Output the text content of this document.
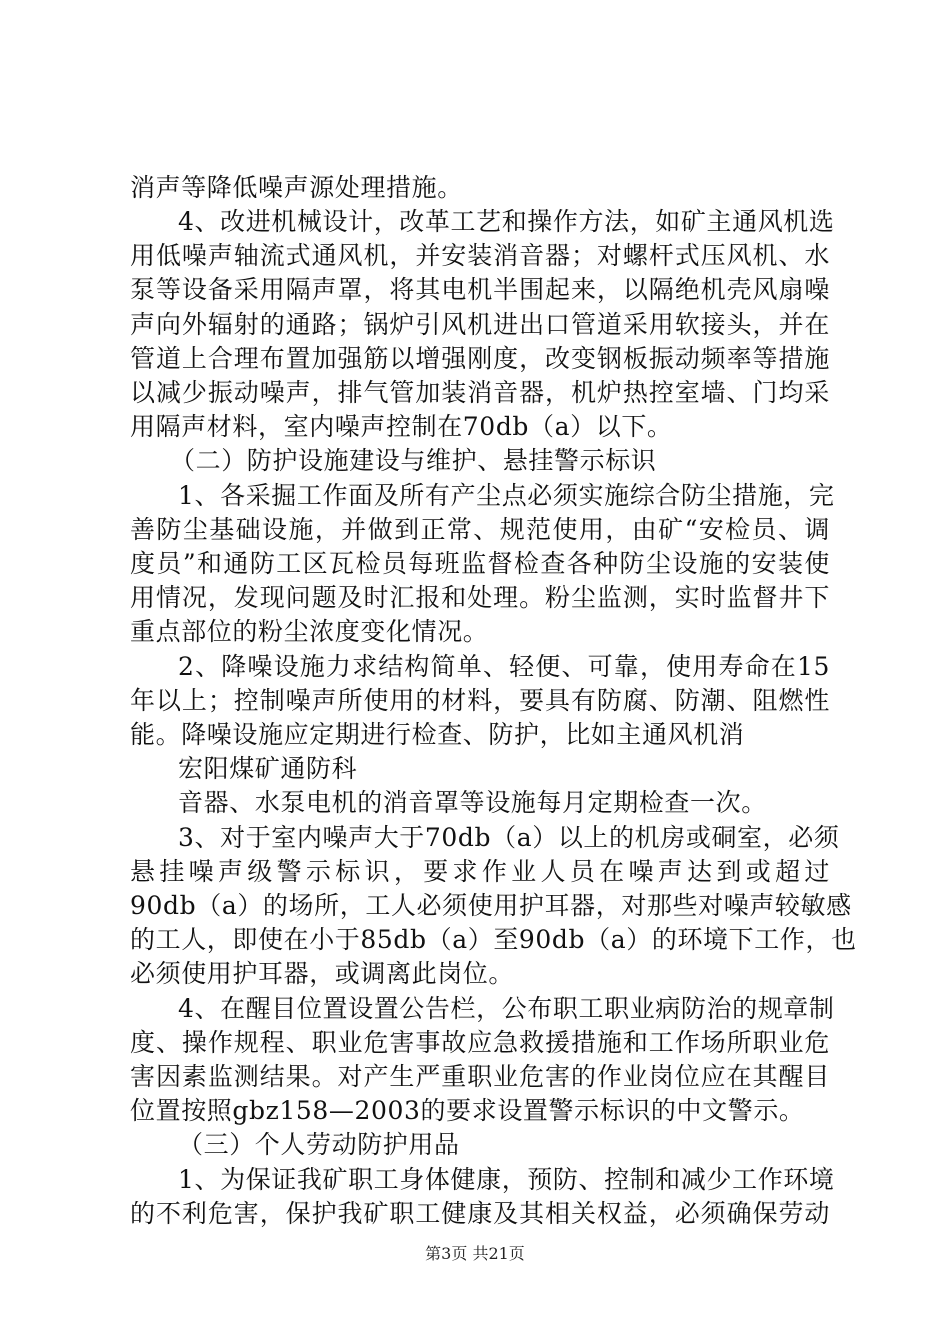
消声等降低噪声源处理措施。
4、改进机械设计，改革工艺和操作方法，如矿主通风机选
用低噪声轴流式通风机，并安装消音器；对螺杆式压风机、水
泵等设备采用隔声罩，将其电机半围起来，以隔绝机壳风扇噪
声向外辐射的通路；锅炉引风机进出口管道采用软接头，并在
管道上合理布置加强筋以增强刚度，改变钢板振动频率等措施
以减少振动噪声，排气管加装消音器，机炉热控室墙、门均采
用隔声材料，室内噪声控制在70db（a）以下。
（二）防护设施建设与维护、悬挂警示标识
1、各采掘工作面及所有产尘点必须实施综合防尘措施，完
善防尘基础设施，并做到正常、规范使用，由矿“安检员、调
度员”和通防工区瓦检员每班监督检查各种防尘设施的安装使
用情况，发现问题及时汇报和处理。粉尘监测，实时监督井下
重点部位的粉尘浓度变化情况。
2、降噪设施力求结构简单、轻便、可靠，使用寿命在15
年以上；控制噪声所使用的材料，要具有防腐、防潮、阻燃性
能。降噪设施应定期进行检查、防护，比如主通风机消
宏阳煤矿通防科
音器、水泵电机的消音罩等设施每月定期检查一次。
3、对于室内噪声大于70db（a）以上的机房或硐室，必须
悬挂噪声级警示标识，要求作业人员在噪声达到或超过
90db（a）的场所，工人必须使用护耳器，对那些对噪声较敏感
的工人，即使在小于85db（a）至90db（a）的环境下工作，也
必须使用护耳器，或调离此岗位。
4、在醒目位置设置公告栏，公布职工职业病防治的规章制
度、操作规程、职业危害事故应急救援措施和工作场所职业危
害因素监测结果。对产生严重职业危害的作业岗位应在其醒目
位置按照gbz158—2003的要求设置警示标识的中文警示。
（三）个人劳动防护用品
1、为保证我矿职工身体健康，预防、控制和减少工作环境
的不利危害，保护我矿职工健康及其相关权益，必须确保劳动
第3页 共21页
